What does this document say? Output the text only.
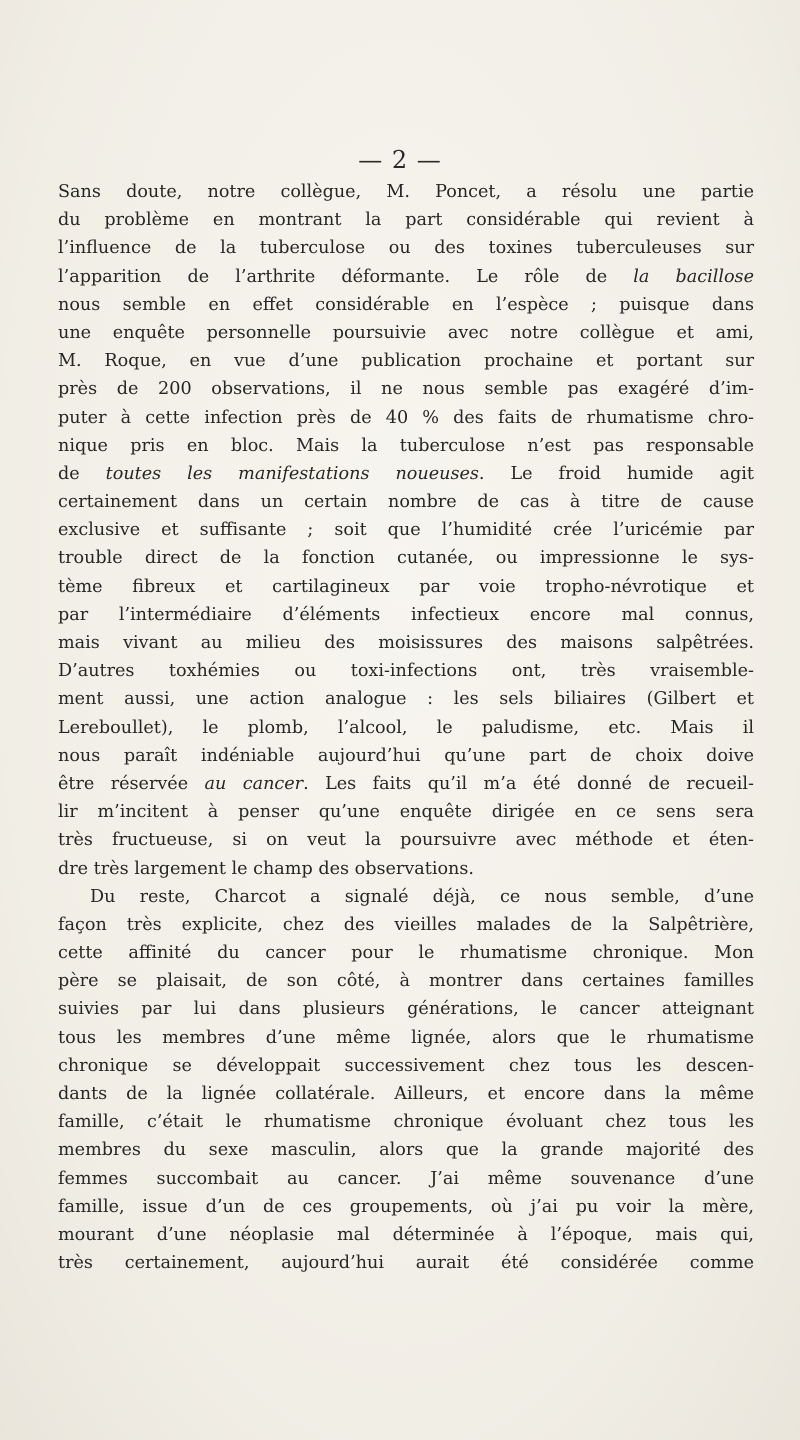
— 2 —
Sans doute, notre collègue, M. Poncet, a résolu une partie
du problème en montrant la part considérable qui revient à
l’influence de la tuberculose ou des toxines tuberculeuses sur
l’apparition de l’arthrite déformante. Le rôle de la bacillose
nous semble en effet considérable en l’espèce ; puisque dans
une enquête personnelle poursuivie avec notre collègue et ami,
M. Roque, en vue d’une publication prochaine et portant sur
près de 200 observations, il ne nous semble pas exagéré d’im-
puter à cette infection près de 40 % des faits de rhumatisme chro-
nique pris en bloc. Mais la tuberculose n’est pas responsable
de toutes les manifestations noueuses. Le froid humide agit
certainement dans un certain nombre de cas à titre de cause
exclusive et suffisante ; soit que l’humidité crée l’uricémie par
trouble direct de la fonction cutanée, ou impressionne le sys-
tème fibreux et cartilagineux par voie tropho-névrotique et
par l’intermédiaire d’éléments infectieux encore mal connus,
mais vivant au milieu des moisissures des maisons salpêtrées.
D’autres toxhémies ou toxi-infections ont, très vraisemble-
ment aussi, une action analogue : les sels biliaires (Gilbert et
Lereboullet), le plomb, l’alcool, le paludisme, etc. Mais il
nous paraît indéniable aujourd’hui qu’une part de choix doive
être réservée au cancer. Les faits qu’il m’a été donné de recueil-
lir m’incitent à penser qu’une enquête dirigée en ce sens sera
très fructueuse, si on veut la poursuivre avec méthode et éten-
dre très largement le champ des observations.
Du reste, Charcot a signalé déjà, ce nous semble, d’une
façon très explicite, chez des vieilles malades de la Salpêtrière,
cette affinité du cancer pour le rhumatisme chronique. Mon
père se plaisait, de son côté, à montrer dans certaines familles
suivies par lui dans plusieurs générations, le cancer atteignant
tous les membres d’une même lignée, alors que le rhumatisme
chronique se développait successivement chez tous les descen-
dants de la lignée collatérale. Ailleurs, et encore dans la même
famille, c’était le rhumatisme chronique évoluant chez tous les
membres du sexe masculin, alors que la grande majorité des
femmes succombait au cancer. J’ai même souvenance d’une
famille, issue d’un de ces groupements, où j’ai pu voir la mère,
mourant d’une néoplasie mal déterminée à l’époque, mais qui,
très certainement, aujourd’hui aurait été considérée comme
